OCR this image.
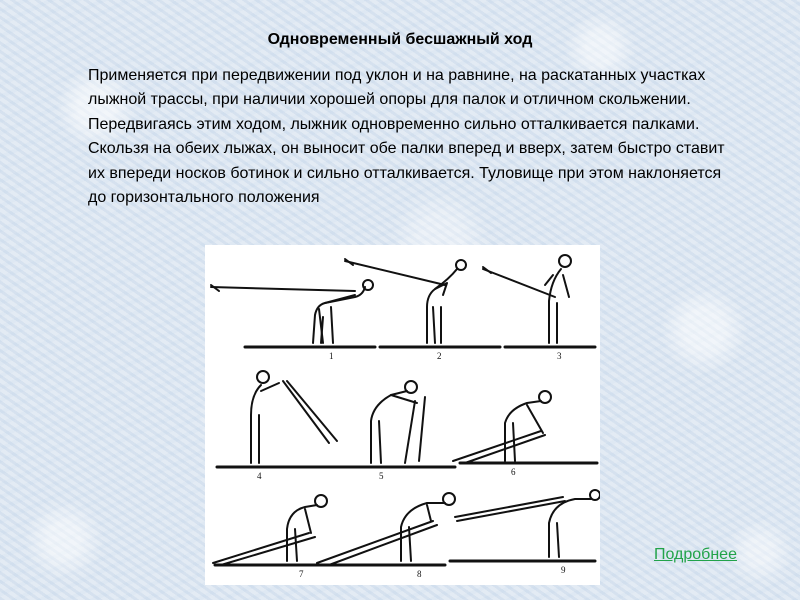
Одновременный бесшажный ход
Применяется при передвижении под уклон и на равнине, на раскатанных участках лыжной трассы, при наличии хорошей опоры для палок и отличном скольжении. Передвигаясь этим ходом, лыжник одновременно сильно отталкивается палками. Скользя на обеих лыжах, он выносит обе палки вперед и вверх, затем быстро ставит их впереди носков ботинок и сильно отталкивается. Туловище при этом наклоняется до горизонтального положения
1	2	3
4	5	6
7	8	9
Подробнее
